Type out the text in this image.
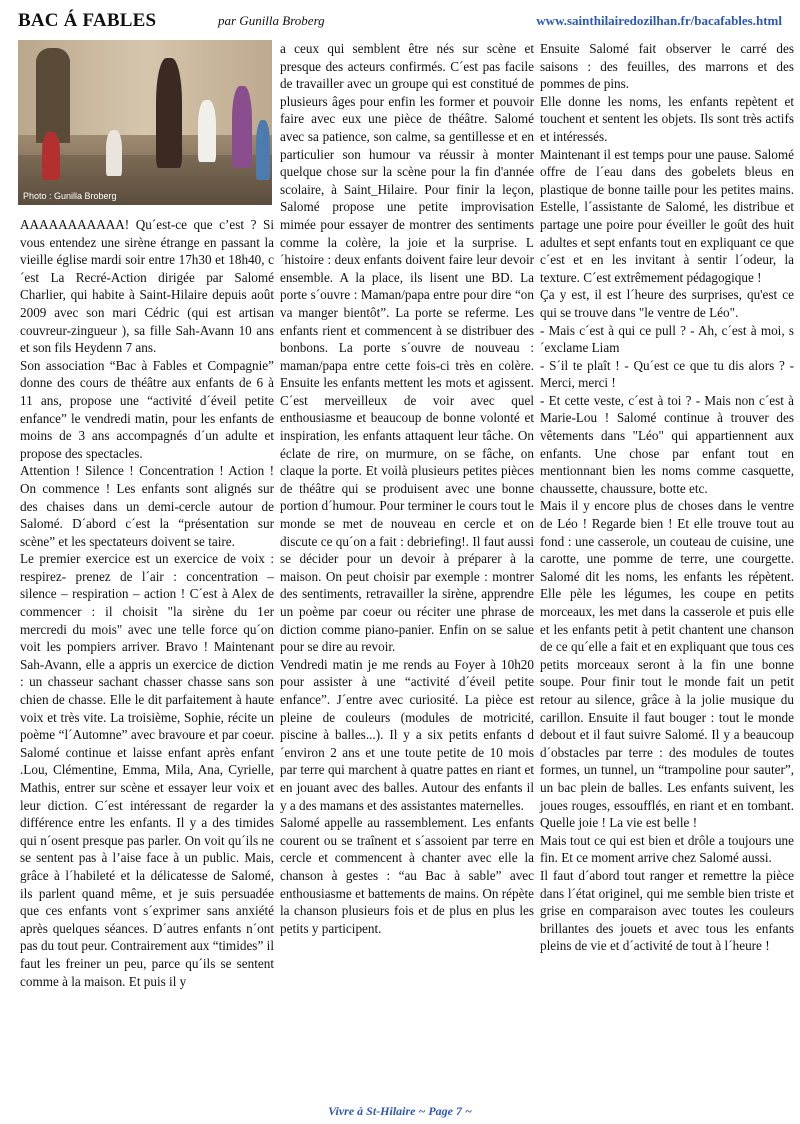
BAC Á FABLES	par Gunilla Broberg	www.sainthilairedozilhan.fr/bacafables.html
Photo : Gunilla Broberg

AAAAAAAAAAA! Qu´est-ce que c’est ? Si vous entendez une sirène étrange en passant la vieille église mardi soir entre 17h30 et 18h40, c´est La Recré-Action dirigée par Salomé Charlier, qui habite à Saint-Hilaire depuis août 2009 avec son mari Cédric (qui est artisan couvreur-zingueur ), sa fille Sah-Avann 10 ans et son fils Heydenn 7 ans.

Son association “Bac à Fables et Compagnie” donne des cours de théâtre aux enfants de 6 à 11 ans, propose une “activité d´éveil petite enfance” le vendredi matin, pour les enfants de moins de 3 ans accompagnés d´un adulte et propose des spectacles.

Attention ! Silence ! Concentration ! Action ! On commence ! Les enfants sont alignés sur des chaises dans un demi-cercle autour de Salomé. D´abord c´est la “présentation sur scène” et les spectateurs doivent se taire.

Le premier exercice est un exercice de voix : respirez- prenez de l´air : concentration – silence – respiration – action ! C´est à Alex de commencer : il choisit "la sirène du 1er mercredi du mois" avec une telle force qu´on voit les pompiers arriver. Bravo ! Maintenant Sah-Avann, elle a appris un exercice de diction : un chasseur sachant chasser chasse sans son chien de chasse. Elle le dit parfaitement à haute voix et très vite. La troisième, Sophie, récite un poème “l´Automne” avec bravoure et par coeur. Salomé continue et laisse enfant après enfant .Lou, Clémentine, Emma, Mila, Ana, Cyrielle, Mathis, entrer sur scène et essayer leur voix et leur diction. C´est intéressant de regarder la différence entre les enfants. Il y a des timides qui n´osent presque pas parler. On voit qu´ils ne se sentent pas à l’aise face à un public. Mais, grâce à l´habileté et la délicatesse de Salomé, ils parlent quand même, et je suis persuadée que ces enfants vont s´exprimer sans anxiété après quelques séances. D´autres enfants n´ont pas du tout peur. Contrairement aux “timides” il faut les freiner un peu, parce qu´ils se sentent comme à la maison. Et puis il y

a ceux qui semblent être nés sur scène et presque des acteurs confirmés. C´est pas facile de travailler avec un groupe qui est constitué de plusieurs âges pour enfin les former et pouvoir faire avec eux une pièce de théâtre. Salomé avec sa patience, son calme, sa gentillesse et en particulier son humour va réussir à monter quelque chose sur la scène pour la fin d'année scolaire, à Saint_Hilaire. Pour finir la leçon, Salomé propose une petite improvisation mimée pour essayer de montrer des sentiments comme la colère, la joie et la surprise. L´histoire : deux enfants doivent faire leur devoir ensemble. A la place, ils lisent une BD. La porte s´ouvre : Maman/papa entre pour dire “on va manger bientôt”. La porte se referme. Les enfants rient et commencent à se distribuer des bonbons. La porte s´ouvre de nouveau : maman/papa entre cette fois-ci très en colère. Ensuite les enfants mettent les mots et agissent. C´est merveilleux de voir avec quel enthousiasme et beaucoup de bonne volonté et inspiration, les enfants attaquent leur tâche. On éclate de rire, on murmure, on se fâche, on claque la porte. Et voilà plusieurs petites pièces de théâtre qui se produisent avec une bonne portion d´humour. Pour terminer le cours tout le monde se met de nouveau en cercle et on discute ce qu´on a fait : debriefing!. Il faut aussi se décider pour un devoir à préparer à la maison. On peut choisir par exemple : montrer des sentiments, retravailler la sirène, apprendre un poème par coeur ou réciter une phrase de diction comme piano-panier. Enfin on se salue pour se dire au revoir.

Vendredi matin je me rends au Foyer à 10h20 pour assister à une “activité d´éveil petite enfance”. J´entre avec curiosité. La pièce est pleine de couleurs (modules de motricité, piscine à balles...). Il y a six petits enfants d´environ 2 ans et une toute petite de 10 mois par terre qui marchent à quatre pattes en riant et en jouant avec des balles. Autour des enfants il y a des mamans et des assistantes maternelles.

Salomé appelle au rassemblement. Les enfants courent ou se traînent et s´assoient par terre en cercle et commencent à chanter avec elle la chanson à gestes : “au Bac à sable” avec enthousiasme et battements de mains. On répète la chanson plusieurs fois et de plus en plus les petits y participent.

Ensuite Salomé fait observer le carré des saisons : des feuilles, des marrons et des pommes de pins.

Elle donne les noms, les enfants repètent et touchent et sentent les objets. Ils sont très actifs et intéressés.

Maintenant il est temps pour une pause. Salomé offre de l´eau dans des gobelets bleus en plastique de bonne taille pour les petites mains. Estelle, l´assistante de Salomé, les distribue et partage une poire pour éveiller le goût des huit adultes et sept enfants tout en expliquant ce que c´est et en les invitant à sentir l´odeur, la texture. C´est extrêmement pédagogique !

Ça y est, il est l´heure des surprises, qu'est ce qui se trouve dans "le ventre de Léo".

- Mais c´est à qui ce pull ? - Ah, c´est à moi, s´exclame Liam

- S´il te plaît ! - Qu´est ce que tu dis alors ? - Merci, merci !

- Et cette veste, c´est à toi ? - Mais non c´est à Marie-Lou ! Salomé continue à trouver des vêtements dans "Léo" qui appartiennent aux enfants. Une chose par enfant tout en mentionnant bien les noms comme casquette, chaussette, chaussure, botte etc.

Mais il y encore plus de choses dans le ventre de Léo ! Regarde bien ! Et elle trouve tout au fond : une casserole, un couteau de cuisine, une carotte, une pomme de terre, une courgette. Salomé dit les noms, les enfants les répètent. Elle pèle les légumes, les coupe en petits morceaux, les met dans la casserole et puis elle et les enfants petit à petit chantent une chanson de ce qu´elle a fait et en expliquant que tous ces petits morceaux seront à la fin une bonne soupe. Pour finir tout le monde fait un petit retour au silence, grâce à la jolie musique du carillon. Ensuite il faut bouger : tout le monde debout et il faut suivre Salomé. Il y a beaucoup d´obstacles par terre : des modules de toutes formes, un tunnel, un “trampoline pour sauter”, un bac plein de balles. Les enfants suivent, les joues rouges, essoufflés, en riant et en tombant. Quelle joie ! La vie est belle !

Mais tout ce qui est bien et drôle a toujours une fin. Et ce moment arrive chez Salomé aussi.

Il faut d´abord tout ranger et remettre la pièce dans l´état originel, qui me semble bien triste et grise en comparaison avec toutes les couleurs brillantes des jouets et avec tous les enfants pleins de vie et d´activité de tout à l´heure !

Vivre à St-Hilaire ~ Page 7 ~
